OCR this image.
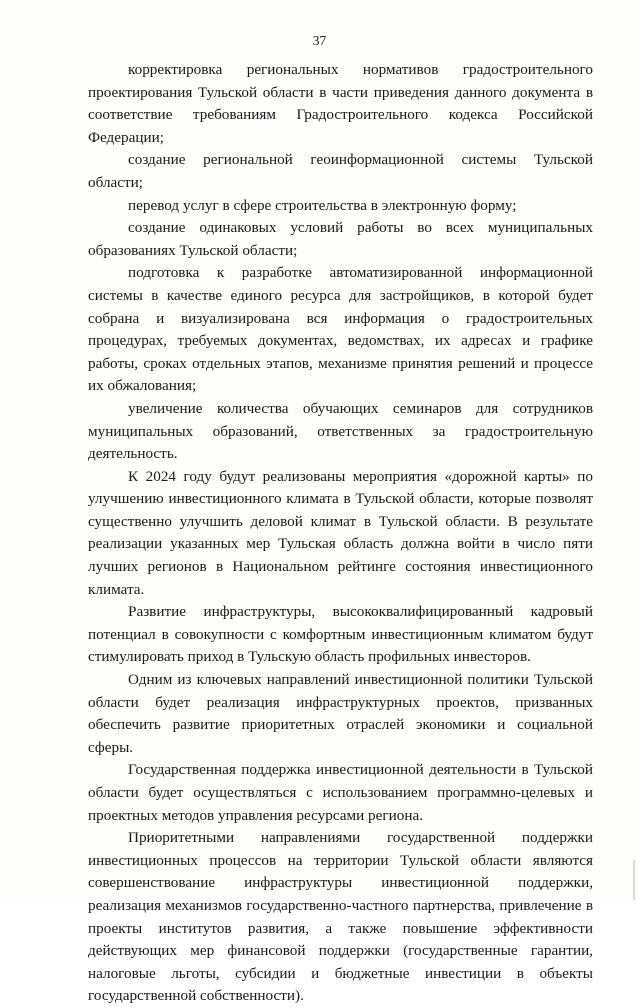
37

корректировка региональных нормативов градостроительного проектирования Тульской области в части приведения данного документа в соответствие требованиям Градостроительного кодекса Российской Федерации;

создание региональной геоинформационной системы Тульской области;

перевод услуг в сфере строительства в электронную форму;

создание одинаковых условий работы во всех муниципальных образованиях Тульской области;

подготовка к разработке автоматизированной информационной системы в качестве единого ресурса для застройщиков, в которой будет собрана и визуализирована вся информация о градостроительных процедурах, требуемых документах, ведомствах, их адресах и графике работы, сроках отдельных этапов, механизме принятия решений и процессе их обжалования;

увеличение количества обучающих семинаров для сотрудников муниципальных образований, ответственных за градостроительную деятельность.

К 2024 году будут реализованы мероприятия «дорожной карты» по улучшению инвестиционного климата в Тульской области, которые позволят существенно улучшить деловой климат в Тульской области. В результате реализации указанных мер Тульская область должна войти в число пяти лучших регионов в Национальном рейтинге состояния инвестиционного климата.

Развитие инфраструктуры, высококвалифицированный кадровый потенциал в совокупности с комфортным инвестиционным климатом будут стимулировать приход в Тульскую область профильных инвесторов.

Одним из ключевых направлений инвестиционной политики Тульской области будет реализация инфраструктурных проектов, призванных обеспечить развитие приоритетных отраслей экономики и социальной сферы.

Государственная поддержка инвестиционной деятельности в Тульской области будет осуществляться с использованием программно-целевых и проектных методов управления ресурсами региона.

Приоритетными направлениями государственной поддержки инвестиционных процессов на территории Тульской области являются совершенствование инфраструктуры инвестиционной поддержки, реализация механизмов государственно-частного партнерства, привлечение в проекты институтов развития, а также повышение эффективности действующих мер финансовой поддержки (государственные гарантии, налоговые льготы, субсидии и бюджетные инвестиции в объекты государственной собственности).
